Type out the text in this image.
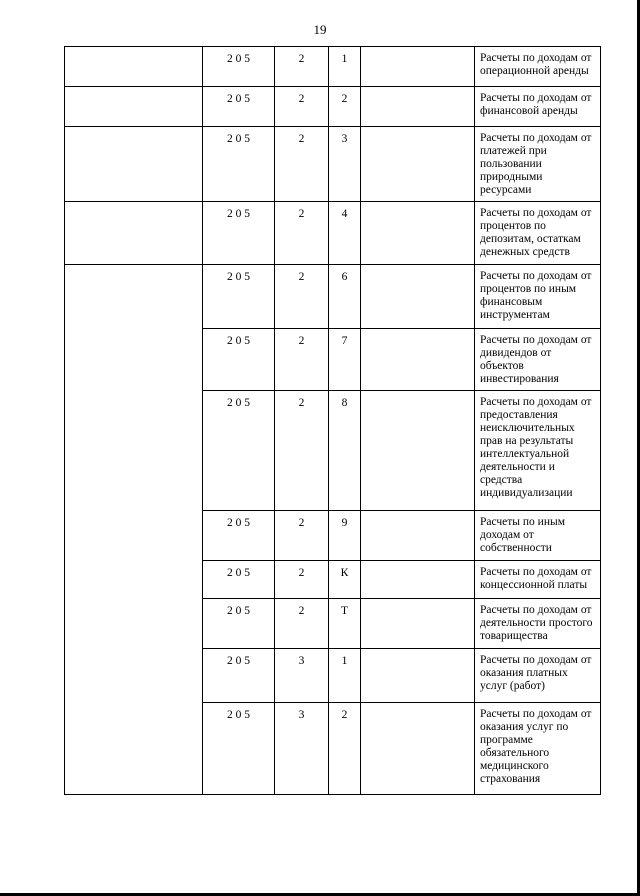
19
	2 0 5	2	1		Расчеты по доходам от операционной аренды
	2 0 5	2	2		Расчеты по доходам от финансовой аренды
	2 0 5	2	3		Расчеты по доходам от платежей при пользовании природными ресурсами
	2 0 5	2	4		Расчеты по доходам от процентов по депозитам, остаткам денежных средств
	2 0 5	2	6		Расчеты по доходам от процентов по иным финансовым инструментам
	2 0 5	2	7		Расчеты по доходам от дивидендов от объектов инвестирования
	2 0 5	2	8		Расчеты по доходам от предоставления неисключительных прав на результаты интеллектуальной деятельности и средства индивидуализации
	2 0 5	2	9		Расчеты по иным доходам от собственности
	2 0 5	2	К		Расчеты по доходам от концессионной платы
	2 0 5	2	Т		Расчеты по доходам от деятельности простого товарищества
	2 0 5	3	1		Расчеты по доходам от оказания платных услуг (работ)
	2 0 5	3	2		Расчеты по доходам от оказания услуг по программе обязательного медицинского страхования
